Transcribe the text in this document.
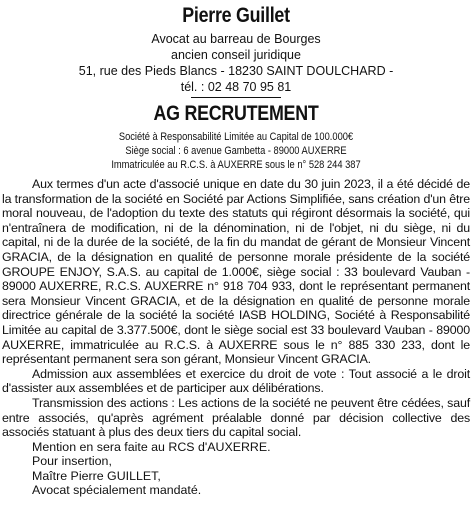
Pierre Guillet
Avocat au barreau de Bourges
ancien conseil juridique
51, rue des Pieds Blancs - 18230 SAINT DOULCHARD -
tél. : 02 48 70 95 81
AG RECRUTEMENT
Société à Responsabilité Limitée au Capital de 100.000€
Siège social : 6 avenue Gambetta - 89000 AUXERRE
Immatriculée au R.C.S. à AUXERRE sous le n° 528 244 387

Aux termes d'un acte d'associé unique en date du 30 juin 2023, il a été décidé de la transformation de la société en Société par Actions Simplifiée, sans création d'un être moral nouveau, de l'adoption du texte des statuts qui régiront désormais la société, qui n'entraînera de modification, ni de la dénomination, ni de l'objet, ni du siège, ni du capital, ni de la durée de la société, de la fin du mandat de gérant de Monsieur Vincent GRACIA, de la désignation en qualité de personne morale présidente de la société GROUPE ENJOY, S.A.S. au capital de 1.000€, siège social : 33 boulevard Vauban - 89000 AUXERRE, R.C.S. AUXERRE n° 918 704 933, dont le représentant permanent sera Monsieur Vincent GRACIA, et de la désignation en qualité de personne morale directrice générale de la société la société IASB HOLDING, Société à Responsabilité Limitée au capital de 3.377.500€, dont le siège social est 33 boulevard Vauban - 89000 AUXERRE, immatriculée au R.C.S. à AUXERRE sous le n° 885 330 233, dont le représentant permanent sera son gérant, Monsieur Vincent GRACIA.

Admission aux assemblées et exercice du droit de vote : Tout associé a le droit d'assister aux assemblées et de participer aux délibérations.

Transmission des actions : Les actions de la société ne peuvent être cédées, sauf entre associés, qu'après agrément préalable donné par décision collective des associés statuant à plus des deux tiers du capital social.

Mention en sera faite au RCS d'AUXERRE.

Pour insertion,

Maître Pierre GUILLET,

Avocat spécialement mandaté.
